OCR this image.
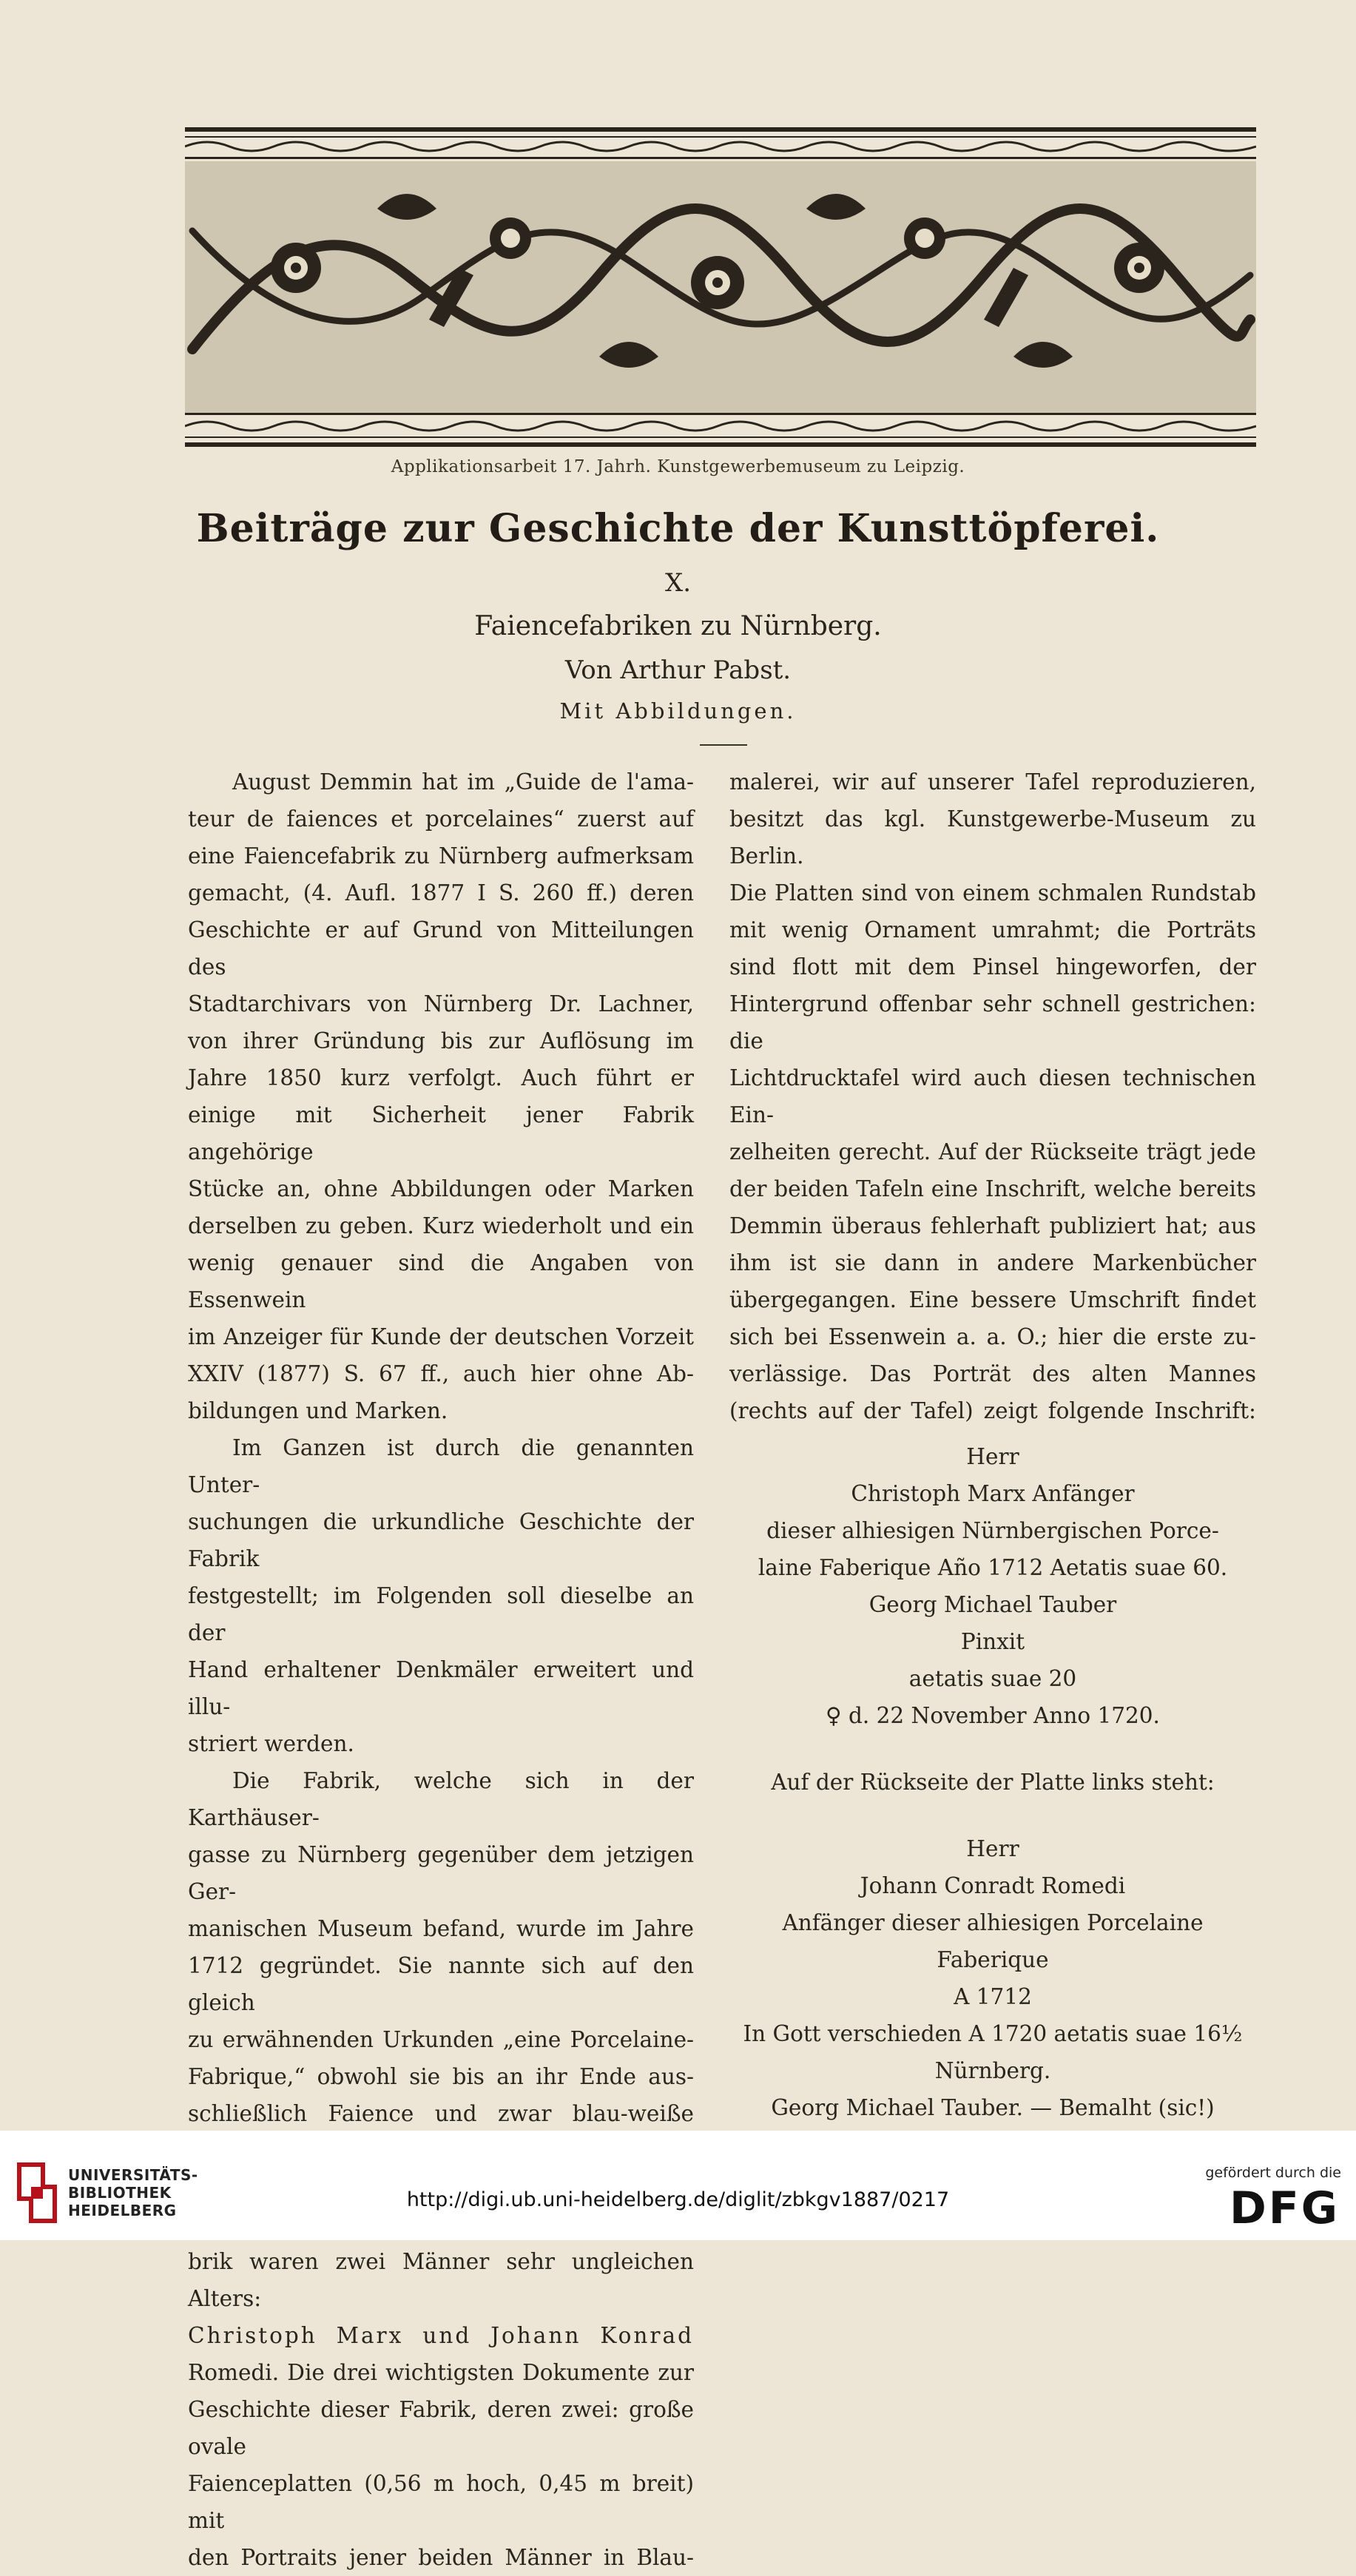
Applikationsarbeit 17. Jahrh. Kunstgewerbemuseum zu Leipzig.
Beiträge zur Geschichte der Kunsttöpferei.
X.
Faiencefabriken zu Nürnberg.
Von Arthur Pabst.
Mit Abbildungen.

August Demmin hat im „Guide de l'ama-

teur de faiences et porcelaines“ zuerst auf

eine Faiencefabrik zu Nürnberg aufmerksam

gemacht, (4. Aufl. 1877 I S. 260 ff.) deren

Geschichte er auf Grund von Mitteilungen des

Stadtarchivars von Nürnberg Dr. Lachner,

von ihrer Gründung bis zur Auflösung im

Jahre 1850 kurz verfolgt. Auch führt er

einige mit Sicherheit jener Fabrik angehörige

Stücke an, ohne Abbildungen oder Marken

derselben zu geben. Kurz wiederholt und ein

wenig genauer sind die Angaben von Essenwein

im Anzeiger für Kunde der deutschen Vorzeit

XXIV (1877) S. 67 ff., auch hier ohne Ab-

bildungen und Marken.

Im Ganzen ist durch die genannten Unter-

suchungen die urkundliche Geschichte der Fabrik

festgestellt; im Folgenden soll dieselbe an der

Hand erhaltener Denkmäler erweitert und illu-

striert werden.

Die Fabrik, welche sich in der Karthäuser-

gasse zu Nürnberg gegenüber dem jetzigen Ger-

manischen Museum befand, wurde im Jahre

1712 gegründet. Sie nannte sich auf den gleich

zu erwähnenden Urkunden „eine Porcelaine-

Fabrique,“ obwohl sie bis an ihr Ende aus-

schließlich Faience und zwar blau-weiße

brik waren zwei Männer sehr ungleichen Alters:

Christoph Marx und Johann Konrad

Romedi. Die drei wichtigsten Dokumente zur

Geschichte dieser Fabrik, deren zwei: große ovale

Faienceplatten (0,56 m hoch, 0,45 m breit) mit

den Portraits jener beiden Männer in Blau-

malerei, wir auf unserer Tafel reproduzieren,

besitzt das kgl. Kunstgewerbe-Museum zu Berlin.

Die Platten sind von einem schmalen Rundstab

mit wenig Ornament umrahmt; die Porträts

sind flott mit dem Pinsel hingeworfen, der

Hintergrund offenbar sehr schnell gestrichen: die

Lichtdrucktafel wird auch diesen technischen Ein-

zelheiten gerecht. Auf der Rückseite trägt jede

der beiden Tafeln eine Inschrift, welche bereits

Demmin überaus fehlerhaft publiziert hat; aus

ihm ist sie dann in andere Markenbücher

übergegangen. Eine bessere Umschrift findet

sich bei Essenwein a. a. O.; hier die erste zu-

verlässige. Das Porträt des alten Mannes

(rechts auf der Tafel) zeigt folgende Inschrift:

Herr

Christoph Marx Anfänger

dieser alhiesigen Nürnbergischen Porce-

laine Faberique Año 1712 Aetatis suae 60.

Georg Michael Tauber

Pinxit

aetatis suae 20

♀ d. 22 November Anno 1720.

Auf der Rückseite der Platte links steht:

Herr

Johann Conradt Romedi

Anfänger dieser alhiesigen Porcelaine Faberique

A 1712

In Gott verschieden A 1720 aetatis suae 16½

Nürnberg.

Georg Michael Tauber. — Bemalht (sic!)

UNIVERSITÄTS-
BIBLIOTHEK
HEIDELBERG	http://digi.ub.uni-heidelberg.de/diglit/zbkgv1887/0217
gefördert durch die
DFG
